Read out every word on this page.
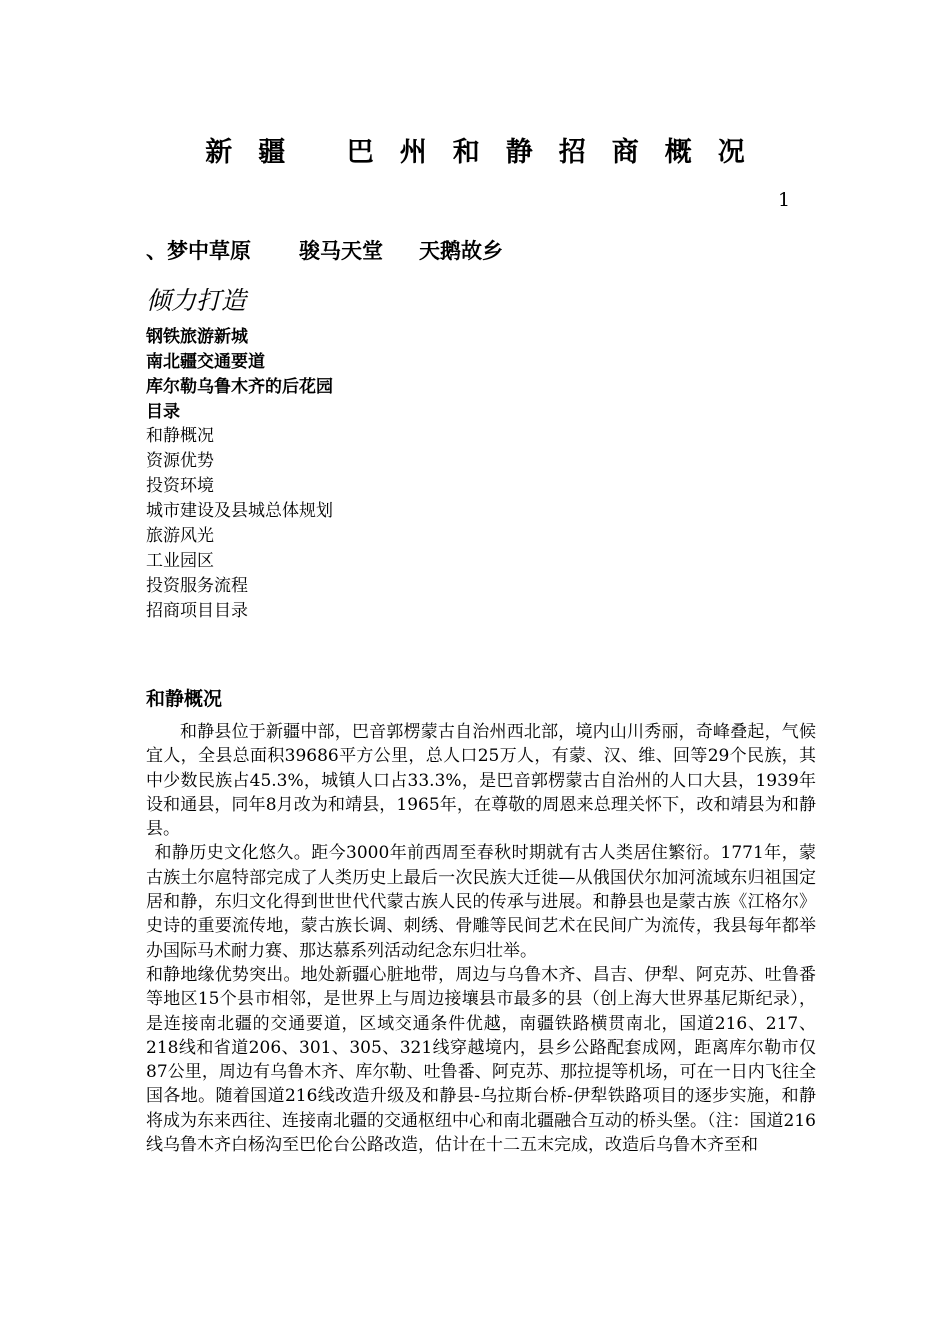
新疆 巴州和静招商概况
1
、梦中草原 骏马天堂 天鹅故乡
倾力打造
钢铁旅游新城
南北疆交通要道
库尔勒乌鲁木齐的后花园
目录
和静概况
资源优势
投资环境
城市建设及县城总体规划
旅游风光
工业园区
投资服务流程
招商项目目录
和静概况

和静县位于新疆中部，巴音郭楞蒙古自治州西北部，境内山川秀丽，奇峰叠起，气候宜人，全县总面积39686平方公里，总人口25万人，有蒙、汉、维、回等29个民族，其中少数民族占45.3%，城镇人口占33.3%，是巴音郭楞蒙古自治州的人口大县，1939年设和通县，同年8月改为和靖县，1965年，在尊敬的周恩来总理关怀下，改和靖县为和静县。

和静历史文化悠久。距今3000年前西周至春秋时期就有古人类居住繁衍。1771年，蒙古族土尔扈特部完成了人类历史上最后一次民族大迁徙—从俄国伏尔加河流域东归祖国定居和静，东归文化得到世世代代蒙古族人民的传承与进展。和静县也是蒙古族《江格尔》史诗的重要流传地，蒙古族长调、刺绣、骨雕等民间艺术在民间广为流传，我县每年都举办国际马术耐力赛、那达慕系列活动纪念东归壮举。

和静地缘优势突出。地处新疆心脏地带，周边与乌鲁木齐、昌吉、伊犁、阿克苏、吐鲁番等地区15个县市相邻，是世界上与周边接壤县市最多的县（创上海大世界基尼斯纪录），是连接南北疆的交通要道，区域交通条件优越，南疆铁路横贯南北，国道216、217、218线和省道206、301、305、321线穿越境内，县乡公路配套成网，距离库尔勒市仅87公里，周边有乌鲁木齐、库尔勒、吐鲁番、阿克苏、那拉提等机场，可在一日内飞往全国各地。随着国道216线改造升级及和静县-乌拉斯台桥-伊犁铁路项目的逐步实施，和静将成为东来西往、连接南北疆的交通枢纽中心和南北疆融合互动的桥头堡。（注：国道216线乌鲁木齐白杨沟至巴伦台公路改造，估计在十二五末完成，改造后乌鲁木齐至和
